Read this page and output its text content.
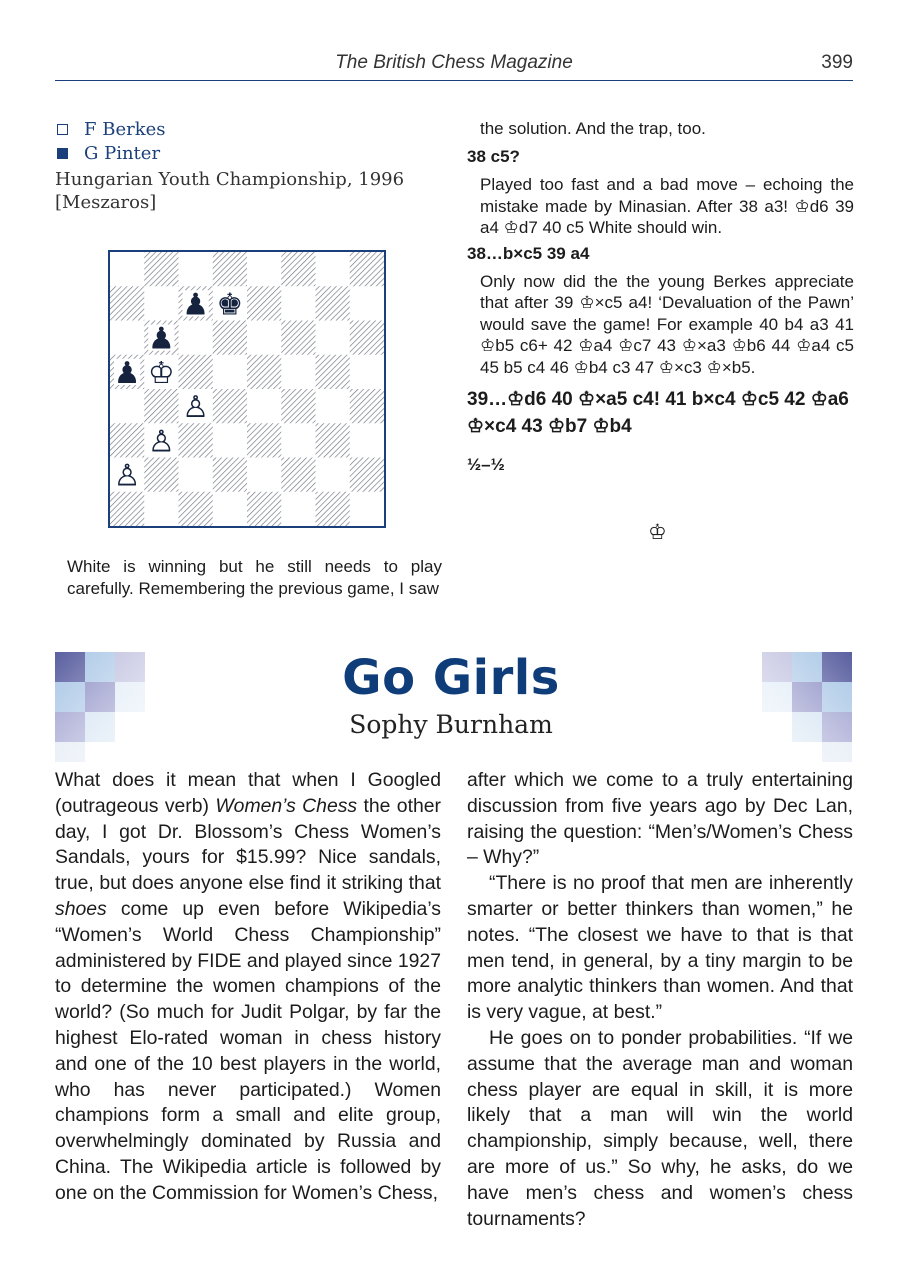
The British Chess Magazine	399
F Berkes
G Pinter
Hungarian Youth Championship, 1996
[Meszaros]
♟ ♚
♟
♟ ♔
♙
♙
♙
White is winning but he still needs to play carefully. Remembering the previous game, I saw
the solution. And the trap, too.
38 c5?
Played too fast and a bad move – echoing the mistake made by Minasian. After 38 a3! ♔d6 39 a4 ♔d7 40 c5 White should win.
38…b×c5 39 a4
Only now did the the young Berkes appreciate that after 39 ♔×c5 a4! ‘Devaluation of the Pawn’ would save the game! For example 40 b4 a3 41 ♔b5 c6+ 42 ♔a4 ♔c7 43 ♔×a3 ♔b6 44 ♔a4 c5 45 b5 c4 46 ♔b4 c3 47 ♔×c3 ♔×b5.
39…♔d6 40 ♔×a5 c4! 41 b×c4 ♔c5 42 ♔a6 ♔×c4 43 ♔b7 ♔b4
½–½
♔
Go Girls
Sophy Burnham

What does it mean that when I Googled (outrageous verb) Women’s Chess the other day, I got Dr. Blossom’s Chess Women’s Sandals, yours for $15.99? Nice sandals, true, but does anyone else find it striking that shoes come up even before Wikipedia’s “Women’s World Chess Championship” administered by FIDE and played since 1927 to determine the women champions of the world? (So much for Judit Polgar, by far the highest Elo-rated woman in chess history and one of the 10 best players in the world, who has never participated.) Women champions form a small and elite group, overwhelmingly dominated by Russia and China. The Wikipedia article is followed by one on the Commission for Women’s Chess,

after which we come to a truly entertaining discussion from five years ago by Dec Lan, raising the question: “Men’s/Women’s Chess – Why?”

“There is no proof that men are inherently smarter or better thinkers than women,” he notes. “The closest we have to that is that men tend, in general, by a tiny margin to be more analytic thinkers than women. And that is very vague, at best.”

He goes on to ponder probabilities. “If we assume that the average man and woman chess player are equal in skill, it is more likely that a man will win the world championship, simply because, well, there are more of us.” So why, he asks, do we have men’s chess and women’s chess tournaments?
